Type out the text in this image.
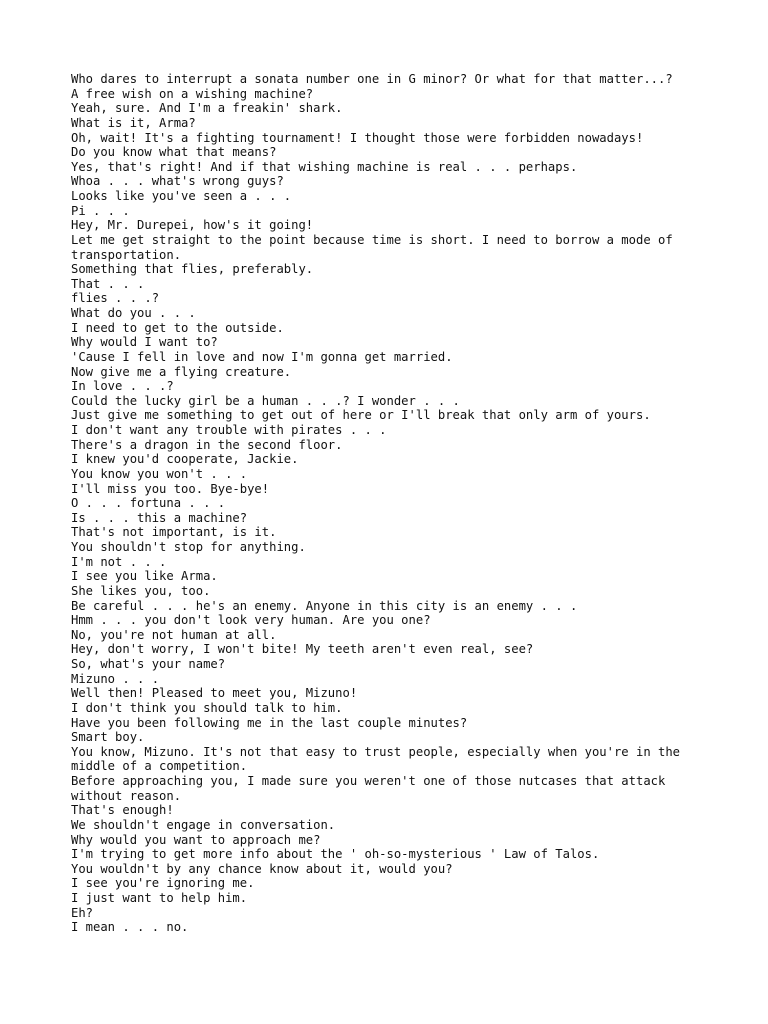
Who dares to interrupt a sonata number one in G minor? Or what for that matter...?

A free wish on a wishing machine?

Yeah, sure. And I'm a freakin' shark.

What is it, Arma?

Oh, wait! It's a fighting tournament! I thought those were forbidden nowadays!

Do you know what that means?

Yes, that's right! And if that wishing machine is real . . . perhaps.

Whoa . . . what's wrong guys?

Looks like you've seen a . . .

Pi . . .

Hey, Mr. Durepei, how's it going!

Let me get straight to the point because time is short. I need to borrow a mode of

transportation.

Something that flies, preferably.

That . . .

flies . . .?

What do you . . .

I need to get to the outside.

Why would I want to?

'Cause I fell in love and now I'm gonna get married.

Now give me a flying creature.

In love . . .?

Could the lucky girl be a human . . .? I wonder . . .

Just give me something to get out of here or I'll break that only arm of yours.

I don't want any trouble with pirates . . .

There's a dragon in the second floor.

I knew you'd cooperate, Jackie.

You know you won't . . .

I'll miss you too. Bye-bye!

O . . . fortuna . . .

Is . . . this a machine?

That's not important, is it.

You shouldn't stop for anything.

I'm not . . .

I see you like Arma.

She likes you, too.

Be careful . . . he's an enemy. Anyone in this city is an enemy . . .

Hmm . . . you don't look very human. Are you one?

No, you're not human at all.

Hey, don't worry, I won't bite! My teeth aren't even real, see?

So, what's your name?

Mizuno . . .

Well then! Pleased to meet you, Mizuno!

I don't think you should talk to him.

Have you been following me in the last couple minutes?

Smart boy.

You know, Mizuno. It's not that easy to trust people, especially when you're in the

middle of a competition.

Before approaching you, I made sure you weren't one of those nutcases that attack

without reason.

That's enough!

We shouldn't engage in conversation.

Why would you want to approach me?

I'm trying to get more info about the ' oh-so-mysterious ' Law of Talos.

You wouldn't by any chance know about it, would you?

I see you're ignoring me.

I just want to help him.

Eh?

I mean . . . no.
